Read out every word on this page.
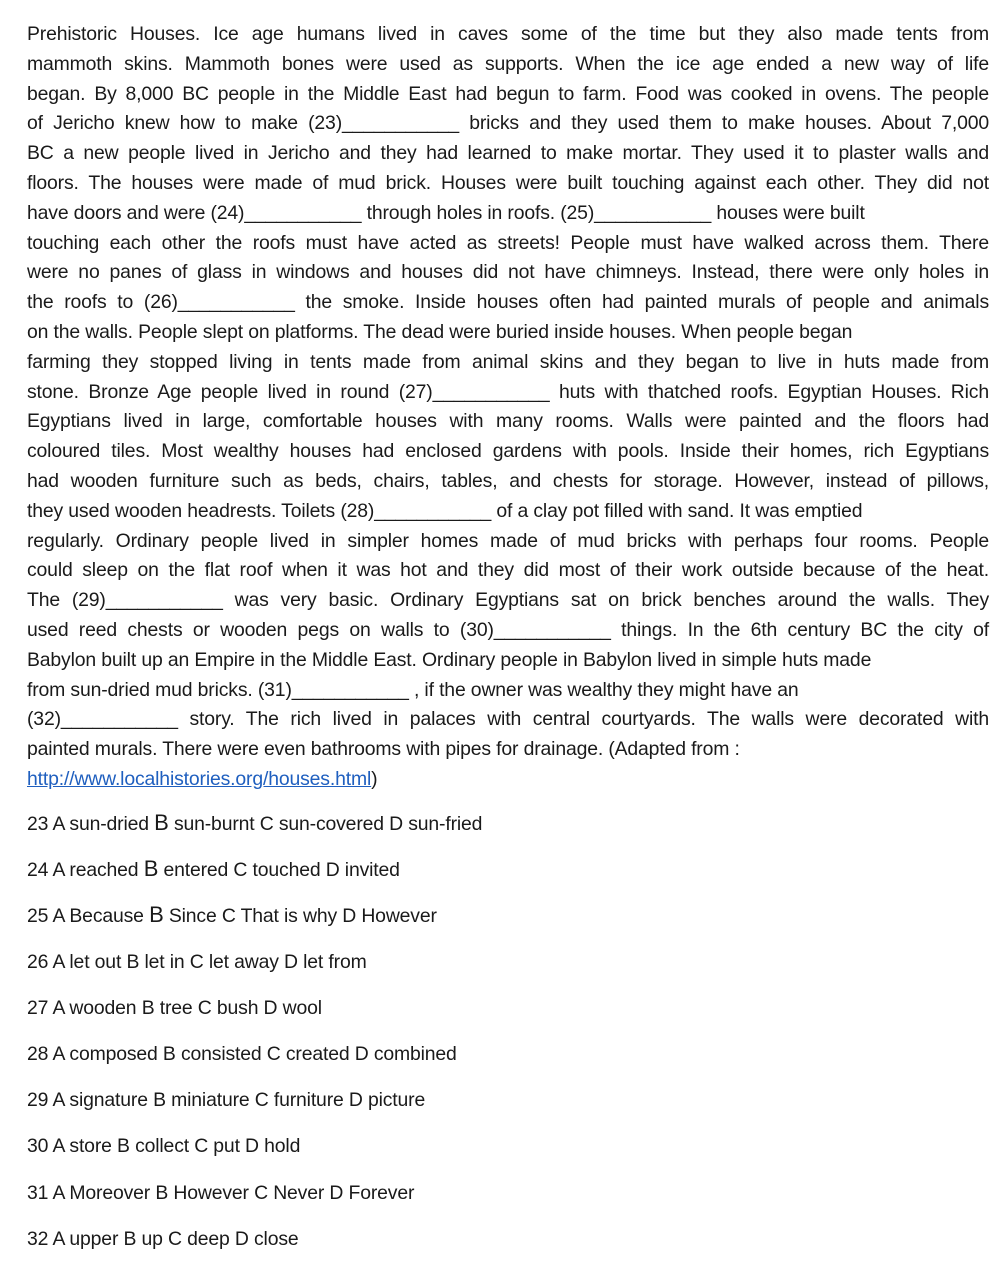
Prehistoric Houses. Ice age humans lived in caves some of the time but they also made tents from
mammoth skins. Mammoth bones were used as supports. When the ice age ended a new way of life
began. By 8,000 BC people in the Middle East had begun to farm. Food was cooked in ovens. The people
of Jericho knew how to make (23)___________ bricks and they used them to make houses. About 7,000
BC a new people lived in Jericho and they had learned to make mortar. They used it to plaster walls and
floors. The houses were made of mud brick. Houses were built touching against each other. They did not
have doors and were (24)___________ through holes in roofs. (25)___________ houses were built
touching each other the roofs must have acted as streets! People must have walked across them. There
were no panes of glass in windows and houses did not have chimneys. Instead, there were only holes in
the roofs to (26)___________ the smoke. Inside houses often had painted murals of people and animals
on the walls. People slept on platforms. The dead were buried inside houses. When people began
farming they stopped living in tents made from animal skins and they began to live in huts made from
stone. Bronze Age people lived in round (27)___________ huts with thatched roofs. Egyptian Houses. Rich
Egyptians lived in large, comfortable houses with many rooms. Walls were painted and the floors had
coloured tiles. Most wealthy houses had enclosed gardens with pools. Inside their homes, rich Egyptians
had wooden furniture such as beds, chairs, tables, and chests for storage. However, instead of pillows,
they used wooden headrests. Toilets (28)___________ of a clay pot filled with sand. It was emptied
regularly. Ordinary people lived in simpler homes made of mud bricks with perhaps four rooms. People
could sleep on the flat roof when it was hot and they did most of their work outside because of the heat.
The (29)___________ was very basic. Ordinary Egyptians sat on brick benches around the walls. They
used reed chests or wooden pegs on walls to (30)___________ things. In the 6th century BC the city of
Babylon built up an Empire in the Middle East. Ordinary people in Babylon lived in simple huts made
from sun-dried mud bricks. (31)___________ , if the owner was wealthy they might have an
(32)___________ story. The rich lived in palaces with central courtyards. The walls were decorated with
painted murals. There were even bathrooms with pipes for drainage. (Adapted from :
http://www.localhistories.org/houses.html)
23 A sun-dried B sun-burnt C sun-covered D sun-fried
24 A reached B entered C touched D invited
25 A Because B Since C That is why D However
26 A let out B let in C let away D let from
27 A wooden B tree C bush D wool
28 A composed B consisted C created D combined
29 A signature B miniature C furniture D picture
30 A store B collect C put D hold
31 A Moreover B However C Never D Forever
32 A upper B up C deep D close
